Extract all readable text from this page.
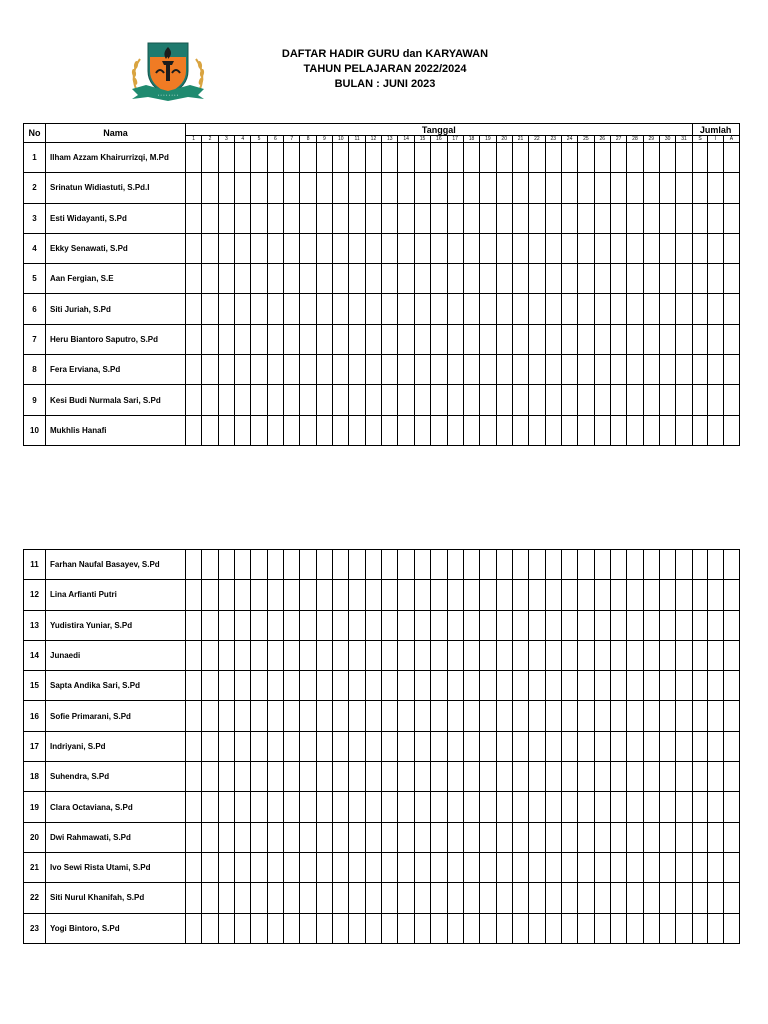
• • • • • • • •
DAFTAR HADIR GURU dan KARYAWAN
TAHUN PELAJARAN 2022/2024
BULAN : JUNI 2023
No	Nama	Tanggal																															Jumlah		
		1	2	3	4	5	6	7	8	9	10	11	12	13	14	15	16	17	18	19	20	21	22	23	24	25	26	27	28	29	30	31	S	I	A
1	Ilham Azzam Khairurrizqi, M.Pd																																		
2	Srinatun Widiastuti, S.Pd.I																																		
3	Esti Widayanti, S.Pd																																		
4	Ekky Senawati, S.Pd																																		
5	Aan Fergian, S.E																																		
6	Siti Juriah, S.Pd																																		
7	Heru Biantoro Saputro, S.Pd																																		
8	Fera Erviana, S.Pd																																		
9	Kesi Budi Nurmala Sari, S.Pd																																		
10	Mukhlis Hanafi																																		
11	Farhan Naufal Basayev, S.Pd																																		
12	Lina Arfianti Putri																																		
13	Yudistira Yuniar, S.Pd																																		
14	Junaedi																																		
15	Sapta Andika Sari, S.Pd																																		
16	Sofie Primarani, S.Pd																																		
17	Indriyani, S.Pd																																		
18	Suhendra, S.Pd																																		
19	Clara Octaviana, S.Pd																																		
20	Dwi Rahmawati, S.Pd																																		
21	Ivo Sewi Rista Utami, S.Pd																																		
22	Siti Nurul Khanifah, S.Pd																																		
23	Yogi Bintoro, S.Pd																																		
